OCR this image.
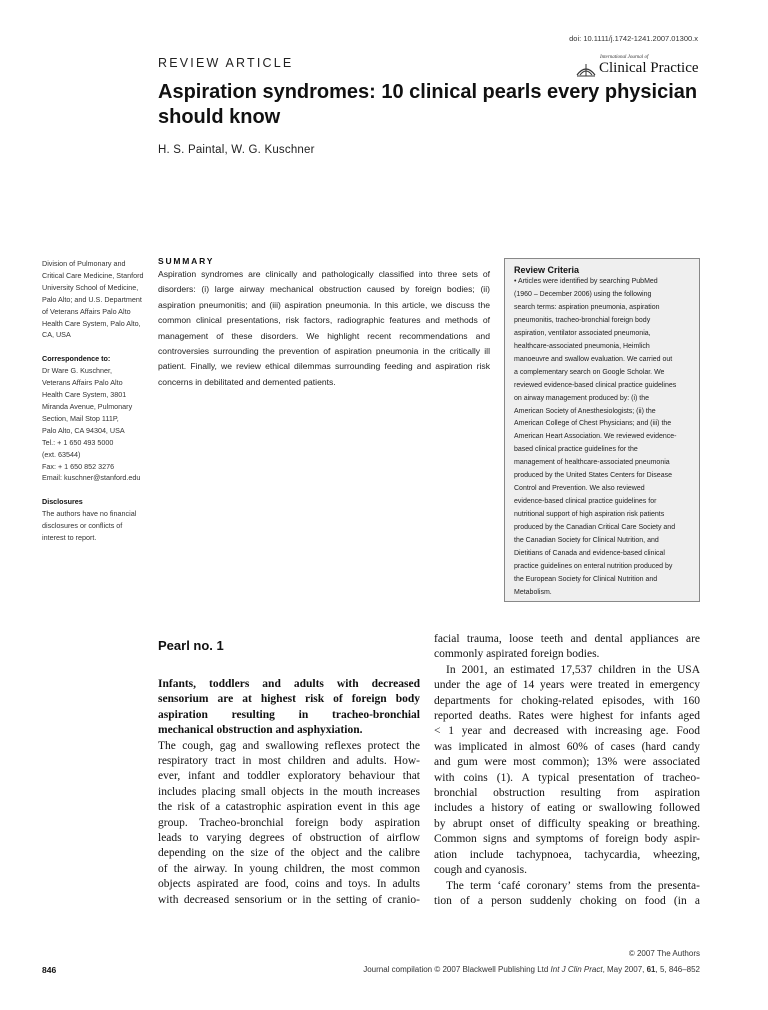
doi: 10.1111/j.1742-1241.2007.01300.x
REVIEW ARTICLE	International Journal of
Clinical Practice
Aspiration syndromes: 10 clinical pearls every physician should know
H. S. Paintal, W. G. Kuschner
Division of Pulmonary and
Critical Care Medicine, Stanford
University School of Medicine,
Palo Alto; and U.S. Department
of Veterans Affairs Palo Alto
Health Care System, Palo Alto,
CA, USA
Correspondence to:
Dr Ware G. Kuschner,
Veterans Affairs Palo Alto
Health Care System, 3801
Miranda Avenue, Pulmonary
Section, Mail Stop 111P,
Palo Alto, CA 94304, USA
Tel.: + 1 650 493 5000
(ext. 63544)
Fax: + 1 650 852 3276
Email: kuschner@stanford.edu
Disclosures
The authors have no financial
disclosures or conflicts of
interest to report.
SUMMARY

Aspiration syndromes are clinically and pathologically classified into three sets of disorders: (i) large airway mechanical obstruction caused by foreign bodies; (ii) aspiration pneumonitis; and (iii) aspiration pneumonia. In this article, we discuss the common clinical presentations, risk factors, radiographic features and methods of management of these disorders. We highlight recent recommendations and controversies surrounding the prevention of aspiration pneumonia in the critically ill patient. Finally, we review ethical dilemmas surrounding feeding and aspiration risk concerns in debilitated and demented patients.

Review Criteria
• Articles were identified by searching PubMed
(1960 – December 2006) using the following
search terms: aspiration pneumonia, aspiration
pneumonitis, tracheo-bronchial foreign body
aspiration, ventilator associated pneumonia,
healthcare-associated pneumonia, Heimlich
manoeuvre and swallow evaluation. We carried out
a complementary search on Google Scholar. We
reviewed evidence-based clinical practice guidelines
on airway management produced by: (i) the
American Society of Anesthesiologists; (ii) the
American College of Chest Physicians; and (iii) the
American Heart Association. We reviewed evidence-
based clinical practice guidelines for the
management of healthcare-associated pneumonia
produced by the United States Centers for Disease
Control and Prevention. We also reviewed
evidence-based clinical practice guidelines for
nutritional support of high aspiration risk patients
produced by the Canadian Critical Care Society and
the Canadian Society for Clinical Nutrition, and
Dietitians of Canada and evidence-based clinical
practice guidelines on enteral nutrition produced by
the European Society for Clinical Nutrition and
Metabolism.
Pearl no. 1
Infants, toddlers and adults with decreased
sensorium are at highest risk of foreign body
aspiration resulting in tracheo-bronchial
mechanical obstruction and asphyxiation.
The cough, gag and swallowing reflexes protect the
respiratory tract in most children and adults. How-
ever, infant and toddler exploratory behaviour that
includes placing small objects in the mouth increases
the risk of a catastrophic aspiration event in this age
group. Tracheo-bronchial foreign body aspiration
leads to varying degrees of obstruction of airflow
depending on the size of the object and the calibre
of the airway. In young children, the most common
objects aspirated are food, coins and toys. In adults
with decreased sensorium or in the setting of cranio-
facial trauma, loose teeth and dental appliances are
commonly aspirated foreign bodies.
In 2001, an estimated 17,537 children in the USA
under the age of 14 years were treated in emergency
departments for choking-related episodes, with 160
reported deaths. Rates were highest for infants aged
< 1 year and decreased with increasing age. Food
was implicated in almost 60% of cases (hard candy
and gum were most common); 13% were associated
with coins (1). A typical presentation of tracheo-
bronchial obstruction resulting from aspiration
includes a history of eating or swallowing followed
by abrupt onset of difficulty speaking or breathing.
Common signs and symptoms of foreign body aspir-
ation include tachypnoea, tachycardia, wheezing,
cough and cyanosis.
The term ‘café coronary’ stems from the presenta-
tion of a person suddenly choking on food (in a
© 2007 The Authors
846	Journal compilation © 2007 Blackwell Publishing Ltd Int J Clin Pract, May 2007, 61, 5, 846–852
